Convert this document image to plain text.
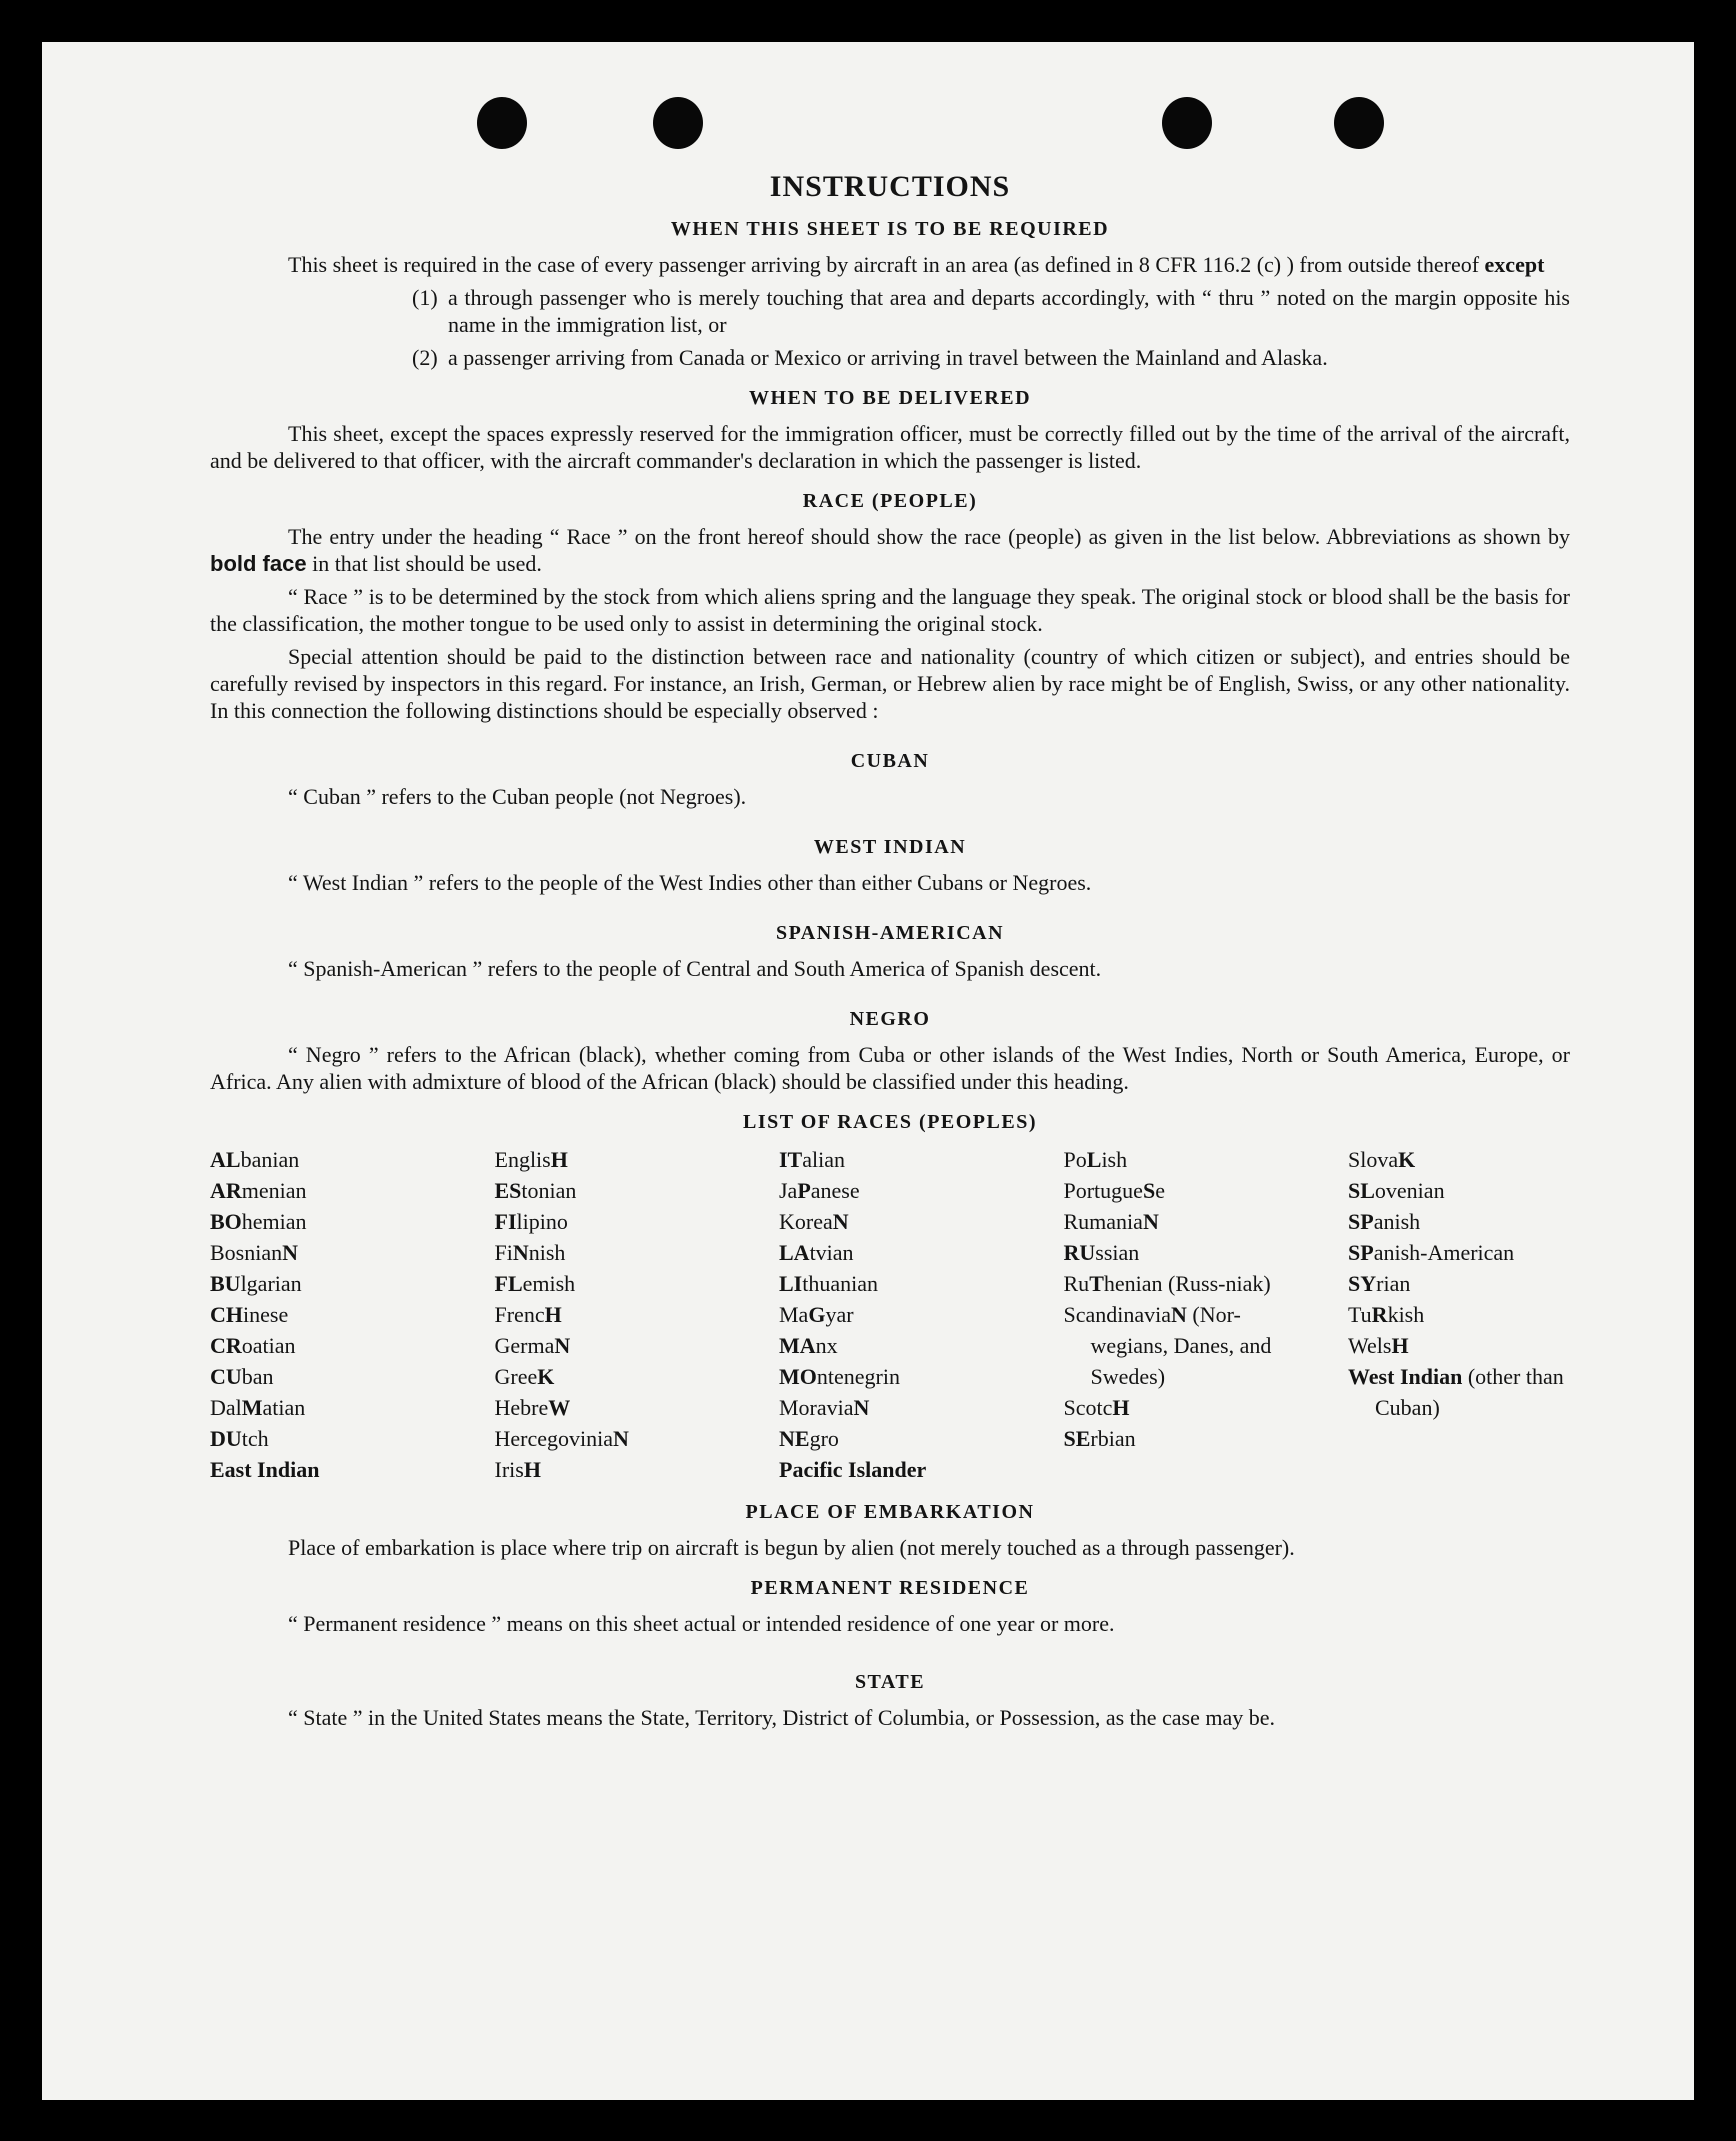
INSTRUCTIONS
WHEN THIS SHEET IS TO BE REQUIRED

This sheet is required in the case of every passenger arriving by aircraft in an area (as defined in 8 CFR 116.2 (c) ) from outside thereof except

(1) a through passenger who is merely touching that area and departs accordingly, with “ thru ” noted on the margin opposite his name in the immigration list, or
(2) a passenger arriving from Canada or Mexico or arriving in travel between the Mainland and Alaska.
WHEN TO BE DELIVERED

This sheet, except the spaces expressly reserved for the immigration officer, must be correctly filled out by the time of the arrival of the aircraft, and be delivered to that officer, with the aircraft commander's declaration in which the passenger is listed.

RACE (PEOPLE)

The entry under the heading “ Race ” on the front hereof should show the race (people) as given in the list below. Abbreviations as shown by bold face in that list should be used.

“ Race ” is to be determined by the stock from which aliens spring and the language they speak. The original stock or blood shall be the basis for the classification, the mother tongue to be used only to assist in determining the original stock.

Special attention should be paid to the distinction between race and nationality (country of which citizen or subject), and entries should be carefully revised by inspectors in this regard. For instance, an Irish, German, or Hebrew alien by race might be of English, Swiss, or any other nationality. In this connection the following distinctions should be especially observed :

CUBAN

“ Cuban ” refers to the Cuban people (not Negroes).

WEST INDIAN

“ West Indian ” refers to the people of the West Indies other than either Cubans or Negroes.

SPANISH-AMERICAN

“ Spanish-American ” refers to the people of Central and South America of Spanish descent.

NEGRO

“ Negro ” refers to the African (black), whether coming from Cuba or other islands of the West Indies, North or South America, Europe, or Africa. Any alien with admixture of blood of the African (black) should be classified under this heading.

LIST OF RACES (PEOPLES)
ALbanian
ARmenian
BOhemian
BosnianN
BUlgarian
CHinese
CRoatian
CUban
DalMatian
DUtch
East Indian
EnglisH
EStonian
FIlipino
FiNnish
FLemish
FrencH
GermaN
GreeK
HebreW
HercegoviniaN
IrisH
ITalian
JaPanese
KoreaN
LAtvian
LIthuanian
MaGyar
MAnx
MOntenegrin
MoraviaN
NEgro
Pacific Islander
PoLish
PortugueSe
RumaniaN
RUssian
RuThenian (Russ-niak)
ScandinaviaN (Nor-wegians, Danes, and Swedes)
ScotcH
SErbian
SlovaK
SLovenian
SPanish
SPanish-American
SYrian
TuRkish
WelsH
West Indian (other than Cuban)
PLACE OF EMBARKATION

Place of embarkation is place where trip on aircraft is begun by alien (not merely touched as a through passenger).

PERMANENT RESIDENCE

“ Permanent residence ” means on this sheet actual or intended residence of one year or more.

STATE

“ State ” in the United States means the State, Territory, District of Columbia, or Possession, as the case may be.
